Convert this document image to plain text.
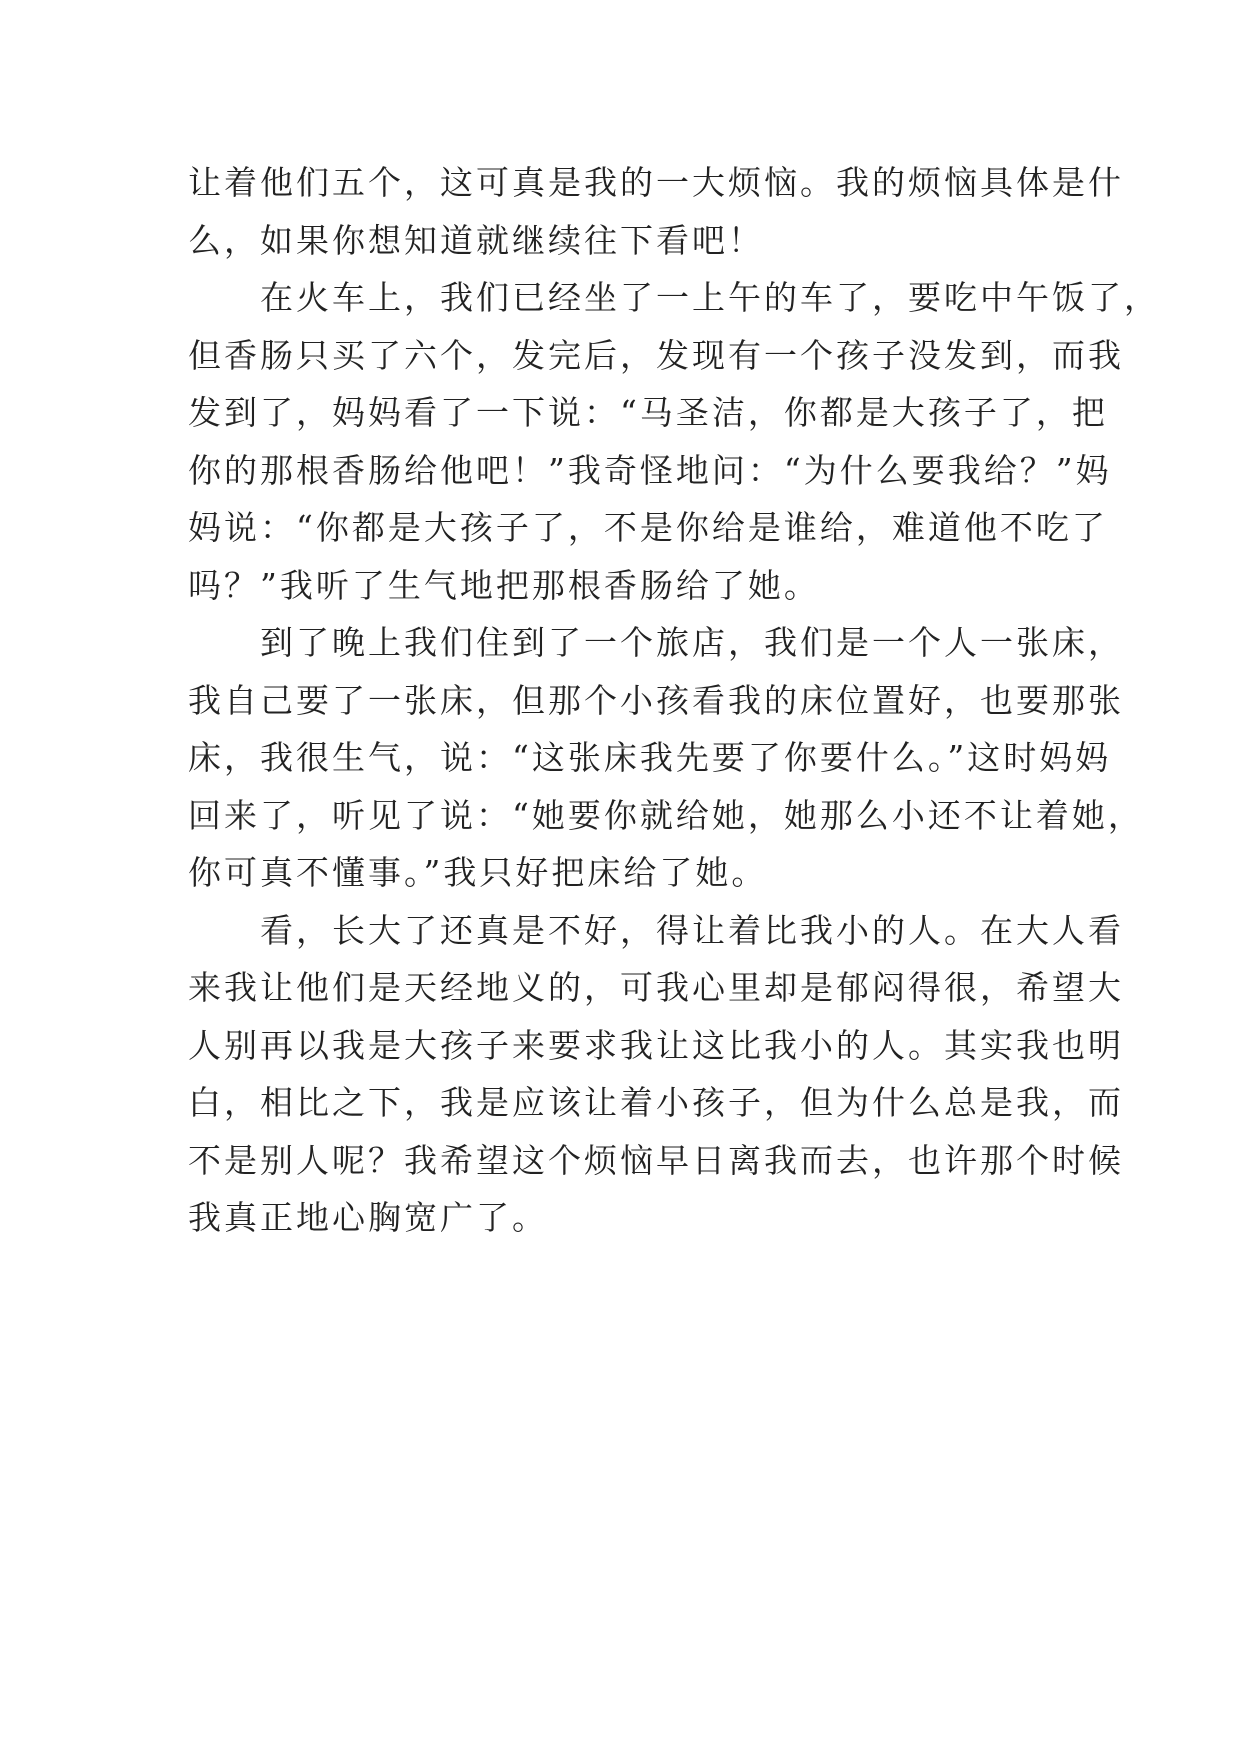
让着他们五个，这可真是我的一大烦恼。我的烦恼具体是什
么，如果你想知道就继续往下看吧！
　　在火车上，我们已经坐了一上午的车了，要吃中午饭了，
但香肠只买了六个，发完后，发现有一个孩子没发到，而我
发到了，妈妈看了一下说：“马圣洁，你都是大孩子了，把
你的那根香肠给他吧！”我奇怪地问：“为什么要我给？”妈
妈说：“你都是大孩子了，不是你给是谁给，难道他不吃了
吗？”我听了生气地把那根香肠给了她。
　　到了晚上我们住到了一个旅店，我们是一个人一张床，
我自己要了一张床，但那个小孩看我的床位置好，也要那张
床，我很生气，说：“这张床我先要了你要什么。”这时妈妈
回来了，听见了说：“她要你就给她，她那么小还不让着她，
你可真不懂事。”我只好把床给了她。
　　看，长大了还真是不好，得让着比我小的人。在大人看
来我让他们是天经地义的，可我心里却是郁闷得很，希望大
人别再以我是大孩子来要求我让这比我小的人。其实我也明
白，相比之下，我是应该让着小孩子，但为什么总是我，而
不是别人呢？我希望这个烦恼早日离我而去，也许那个时候
我真正地心胸宽广了。
